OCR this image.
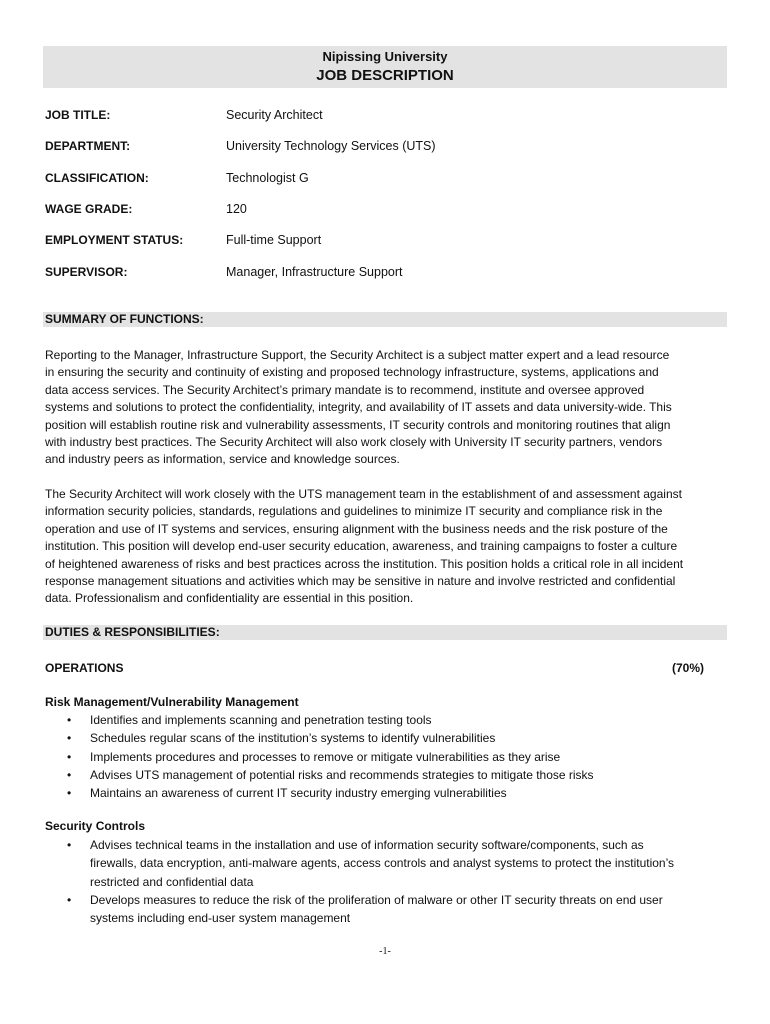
Nipissing University
JOB DESCRIPTION
JOB TITLE:	Security Architect
DEPARTMENT:	University Technology Services (UTS)
CLASSIFICATION:	Technologist G
WAGE GRADE:	120
EMPLOYMENT STATUS:	Full-time Support
SUPERVISOR:	Manager, Infrastructure Support
SUMMARY OF FUNCTIONS:
Reporting to the Manager, Infrastructure Support, the Security Architect is a subject matter expert and a lead resource
in ensuring the security and continuity of existing and proposed technology infrastructure, systems, applications and
data access services. The Security Architect’s primary mandate is to recommend, institute and oversee approved
systems and solutions to protect the confidentiality, integrity, and availability of IT assets and data university-wide. This
position will establish routine risk and vulnerability assessments, IT security controls and monitoring routines that align
with industry best practices. The Security Architect will also work closely with University IT security partners, vendors
and industry peers as information, service and knowledge sources.
The Security Architect will work closely with the UTS management team in the establishment of and assessment against
information security policies, standards, regulations and guidelines to minimize IT security and compliance risk in the
operation and use of IT systems and services, ensuring alignment with the business needs and the risk posture of the
institution. This position will develop end-user security education, awareness, and training campaigns to foster a culture
of heightened awareness of risks and best practices across the institution. This position holds a critical role in all incident
response management situations and activities which may be sensitive in nature and involve restricted and confidential
data. Professionalism and confidentiality are essential in this position.
DUTIES & RESPONSIBILITIES:
OPERATIONS	(70%)
Risk Management/Vulnerability Management
• Identifies and implements scanning and penetration testing tools
• Schedules regular scans of the institution’s systems to identify vulnerabilities
• Implements procedures and processes to remove or mitigate vulnerabilities as they arise
• Advises UTS management of potential risks and recommends strategies to mitigate those risks
• Maintains an awareness of current IT security industry emerging vulnerabilities
Security Controls
• Advises technical teams in the installation and use of information security software/components, such as
firewalls, data encryption, anti-malware agents, access controls and analyst systems to protect the institution’s
restricted and confidential data
• Develops measures to reduce the risk of the proliferation of malware or other IT security threats on end user
systems including end-user system management
-1-
